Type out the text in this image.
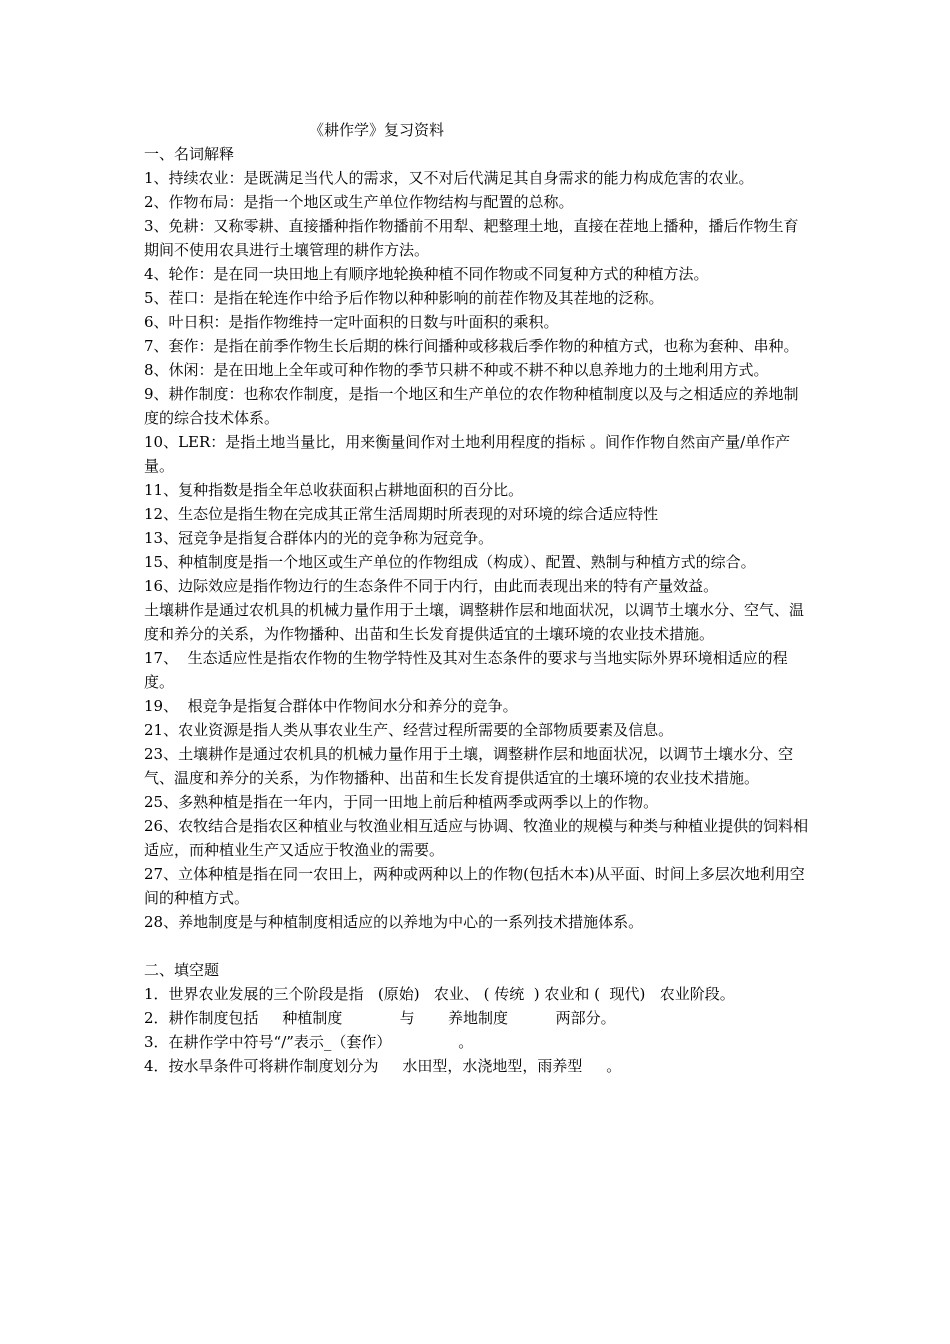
《耕作学》复习资料

一、名词解释

1、持续农业：是既满足当代人的需求，又不对后代满足其自身需求的能力构成危害的农业。

2、作物布局：是指一个地区或生产单位作物结构与配置的总称。

3、免耕：又称零耕、直接播种指作物播前不用犁、耙整理土地，直接在茬地上播种，播后作物生育期间不使用农具进行土壤管理的耕作方法。

4、轮作：是在同一块田地上有顺序地轮换种植不同作物或不同复种方式的种植方法。

5、茬口：是指在轮连作中给予后作物以种种影响的前茬作物及其茬地的泛称。

6、叶日积：是指作物维持一定叶面积的日数与叶面积的乘积。

7、套作：是指在前季作物生长后期的株行间播种或移栽后季作物的种植方式，也称为套种、串种。

8、休闲：是在田地上全年或可种作物的季节只耕不种或不耕不种以息养地力的土地利用方式。

9、耕作制度：也称农作制度，是指一个地区和生产单位的农作物种植制度以及与之相适应的养地制度的综合技术体系。

10、LER：是指土地当量比，用来衡量间作对土地利用程度的指标 。间作作物自然亩产量/单作产量。

11、复种指数是指全年总收获面积占耕地面积的百分比。

12、生态位是指生物在完成其正常生活周期时所表现的对环境的综合适应特性

13、冠竞争是指复合群体内的光的竞争称为冠竞争。

15、种植制度是指一个地区或生产单位的作物组成（构成）、配置、熟制与种植方式的综合。

16、边际效应是指作物边行的生态条件不同于内行，由此而表现出来的特有产量效益。

土壤耕作是通过农机具的机械力量作用于土壤，调整耕作层和地面状况，以调节土壤水分、空气、温度和养分的关系，为作物播种、出苗和生长发育提供适宜的土壤环境的农业技术措施。

17、  生态适应性是指农作物的生物学特性及其对生态条件的要求与当地实际外界环境相适应的程度。

19、  根竞争是指复合群体中作物间水分和养分的竞争。

21、农业资源是指人类从事农业生产、经营过程所需要的全部物质要素及信息。

23、土壤耕作是通过农机具的机械力量作用于土壤，调整耕作层和地面状况，以调节土壤水分、空气、温度和养分的关系，为作物播种、出苗和生长发育提供适宜的土壤环境的农业技术措施。

25、多熟种植是指在一年内，于同一田地上前后种植两季或两季以上的作物。

26、农牧结合是指农区种植业与牧渔业相互适应与协调、牧渔业的规模与种类与种植业提供的饲料相适应，而种植业生产又适应于牧渔业的需要。

27、立体种植是指在同一农田上，两种或两种以上的作物(包括木本)从平面、时间上多层次地利用空间的种植方式。

28、养地制度是与种植制度相适应的以养地为中心的一系列技术措施体系。

二、填空题

1．世界农业发展的三个阶段是指   (原始)   农业、 ( 传统  ) 农业和 (  现代)   农业阶段。

2．耕作制度包括     种植制度            与       养地制度          两部分。

3．在耕作学中符号“/”表示_（套作）              。

4．按水旱条件可将耕作制度划分为     水田型，水浇地型，雨养型     。
